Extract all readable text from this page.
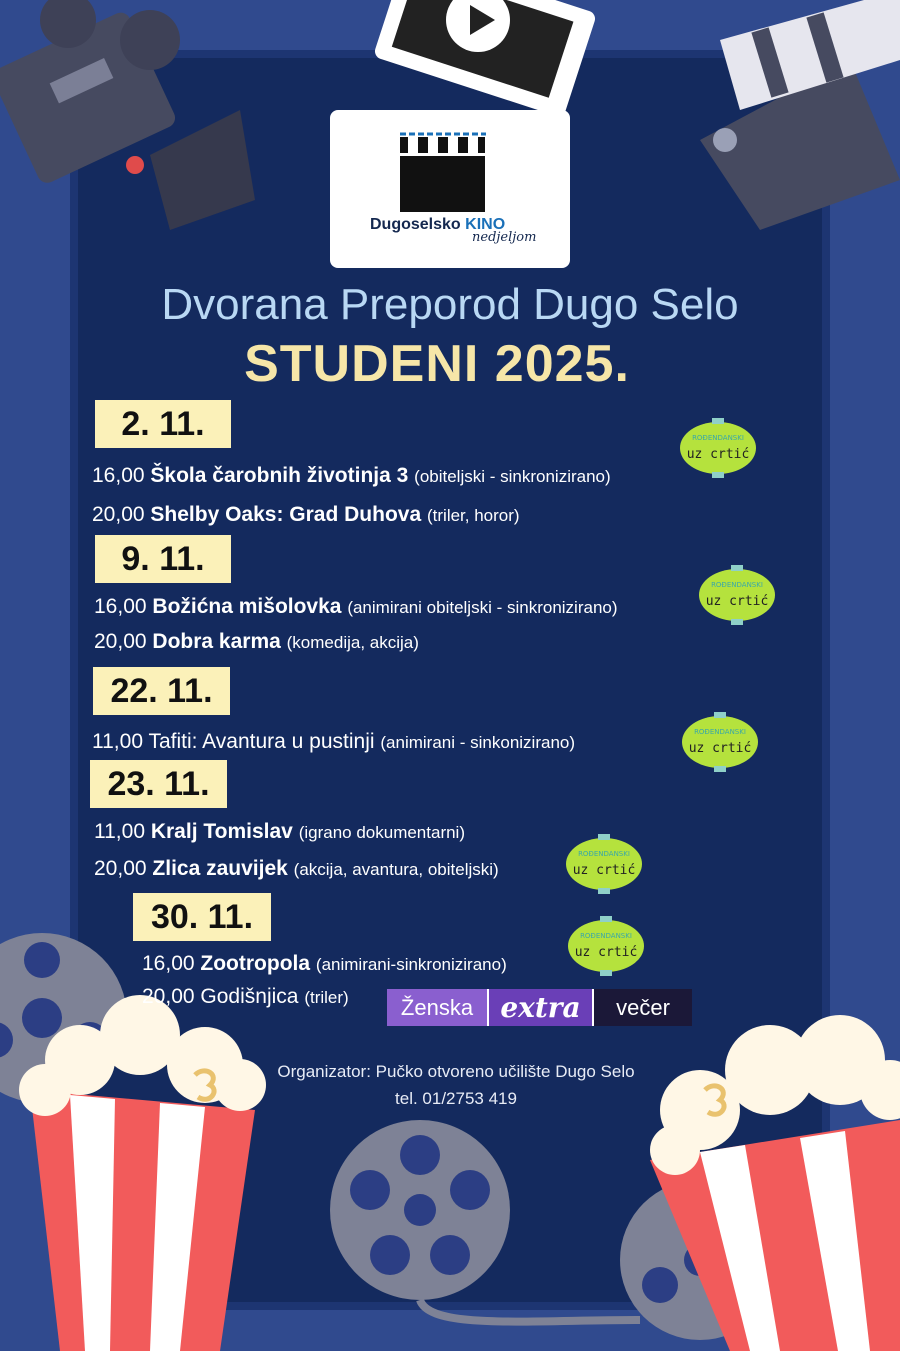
Dugoselsko KINO
nedjeljom
Dvorana Preporod Dugo Selo
STUDENI 2025.
2. 11.
9. 11.
22. 11.
23. 11.
30. 11.
16,00 Škola čarobnih životinja 3 (obiteljski - sinkronizirano)
20,00 Shelby Oaks: Grad Duhova (triler, horor)
16,00 Božićna mišolovka (animirani obiteljski - sinkronizirano)
20,00 Dobra karma (komedija, akcija)
11,00 Tafiti: Avantura u pustinji (animirani - sinkonizirano)
11,00 Kralj Tomislav (igrano dokumentarni)
20,00 Zlica zauvijek (akcija, avantura, obiteljski)
16,00 Zootropola (animirani-sinkronizirano)
20,00 Godišnjica (triler)
ROĐENDANSKI
uz crtić
ROĐENDANSKI
uz crtić
ROĐENDANSKI
uz crtić
ROĐENDANSKI
uz crtić
ROĐENDANSKI
uz crtić
Ženska extra	večer
Organizator: Pučko otvoreno učilište Dugo Selo
tel. 01/2753 419
